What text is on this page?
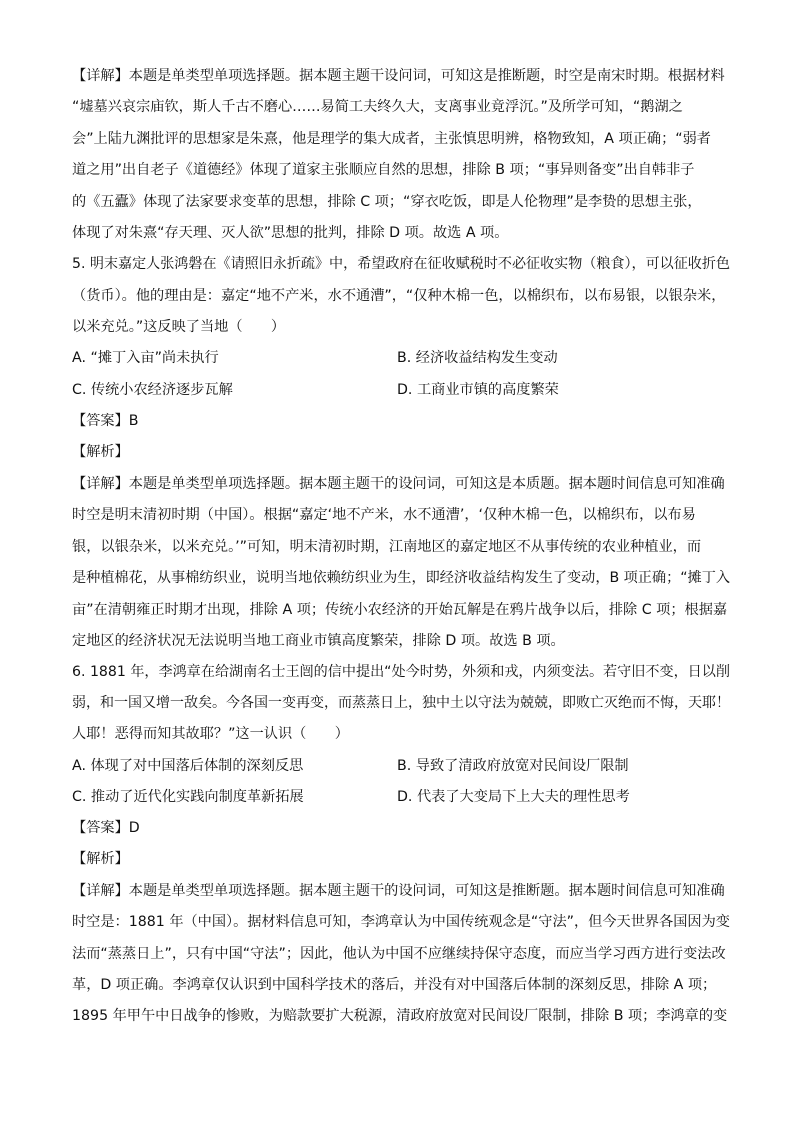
【详解】本题是单类型单项选择题。据本题主题干设问词，可知这是推断题，时空是南宋时期。根据材料
“墟墓兴哀宗庙钦，斯人千古不磨心……易简工夫终久大，支离事业竟浮沉。”及所学可知，“鹅湖之
会”上陆九渊批评的思想家是朱熹，他是理学的集大成者，主张慎思明辨，格物致知，A 项正确；“弱者
道之用”出自老子《道德经》体现了道家主张顺应自然的思想，排除 B 项；“事异则备变”出自韩非子
的《五蠹》体现了法家要求变革的思想，排除 C 项；“穿衣吃饭，即是人伦物理”是李贽的思想主张，
体现了对朱熹“存天理、灭人欲”思想的批判，排除 D 项。故选 A 项。
5. 明末嘉定人张鸿磐在《请照旧永折疏》中，希望政府在征收赋税时不必征收实物（粮食），可以征收折色
（货币）。他的理由是：嘉定“地不产米，水不通漕”，“仅种木棉一色，以棉织布，以布易银，以银杂米，
以米充兑。”这反映了当地（　　）
A. “摊丁入亩”尚未执行	B. 经济收益结构发生变动
C. 传统小农经济逐步瓦解	D. 工商业市镇的高度繁荣
【答案】B
【解析】
【详解】本题是单类型单项选择题。据本题主题干的设问词，可知这是本质题。据本题时间信息可知准确
时空是明末清初时期（中国）。根据“嘉定‘地不产米，水不通漕’，‘仅种木棉一色，以棉织布，以布易
银，以银杂米，以米充兑。’”可知，明末清初时期，江南地区的嘉定地区不从事传统的农业种植业，而
是种植棉花，从事棉纺织业，说明当地依赖纺织业为生，即经济收益结构发生了变动，B 项正确；“摊丁入
亩”在清朝雍正时期才出现，排除 A 项；传统小农经济的开始瓦解是在鸦片战争以后，排除 C 项；根据嘉
定地区的经济状况无法说明当地工商业市镇高度繁荣，排除 D 项。故选 B 项。
6. 1881 年，李鸿章在给湖南名士王闿的信中提出“处今时势，外须和戎，内须变法。若守旧不变，日以削
弱，和一国又增一敌矣。今各国一变再变，而蒸蒸日上，独中土以守法为兢兢，即败亡灭绝而不悔，天耶！
人耶！恶得而知其故耶？”这一认识（　　）
A. 体现了对中国落后体制的深刻反思	B. 导致了清政府放宽对民间设厂限制
C. 推动了近代化实践向制度革新拓展	D. 代表了大变局下上大夫的理性思考
【答案】D
【解析】
【详解】本题是单类型单项选择题。据本题主题干的设问词，可知这是推断题。据本题时间信息可知准确
时空是：1881 年（中国）。据材料信息可知，李鸿章认为中国传统观念是“守法”，但今天世界各国因为变
法而“蒸蒸日上”，只有中国“守法”；因此，他认为中国不应继续持保守态度，而应当学习西方进行变法改
革，D 项正确。李鸿章仅认识到中国科学技术的落后，并没有对中国落后体制的深刻反思，排除 A 项；
1895 年甲午中日战争的惨败，为赔款要扩大税源，清政府放宽对民间设厂限制，排除 B 项；李鸿章的变
